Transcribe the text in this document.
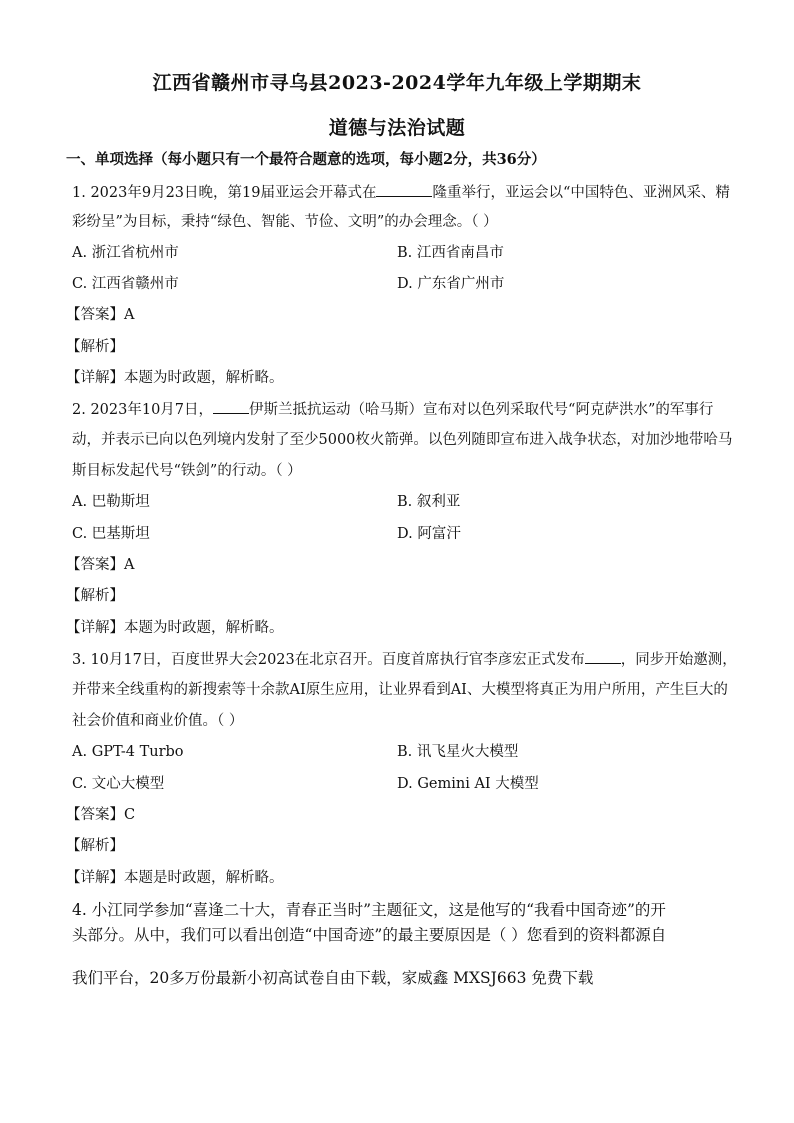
江西省赣州市寻乌县2023-2024学年九年级上学期期末
道德与法治试题
一、单项选择（每小题只有一个最符合题意的选项，每小题2分，共36分）
1. 2023年9月23日晚，第19届亚运会开幕式在	隆重举行，亚运会以“中国特色、亚洲风采、精
彩纷呈”为目标，秉持“绿色、智能、节俭、文明”的办会理念。（ ）
A. 浙江省杭州市	B. 江西省南昌市
C. 江西省赣州市	D. 广东省广州市
【答案】A
【解析】
【详解】本题为时政题，解析略。
2. 2023年10月7日， 伊斯兰抵抗运动（哈马斯）宣布对以色列采取代号“阿克萨洪水”的军事行
动，并表示已向以色列境内发射了至少5000枚火箭弹。以色列随即宣布进入战争状态，对加沙地带哈马
斯目标发起代号“铁剑”的行动。（ ）
A. 巴勒斯坦	B. 叙利亚
C. 巴基斯坦	D. 阿富汗
【答案】A
【解析】
【详解】本题为时政题，解析略。
3. 10月17日，百度世界大会2023在北京召开。百度首席执行官李彦宏正式发布 ，同步开始邀测，
并带来全线重构的新搜索等十余款AI原生应用，让业界看到AI、大模型将真正为用户所用，产生巨大的
社会价值和商业价值。（ ）
A. GPT-4 Turbo	B. 讯飞星火大模型
C. 文心大模型	D. Gemini AI 大模型
【答案】C
【解析】
【详解】本题是时政题，解析略。
4. 小江同学参加“喜逢二十大，青春正当时”主题征文，这是他写的“我看中国奇迹”的开
头部分。从中，我们可以看出创造“中国奇迹”的最主要原因是（ ）您看到的资料都源自
我们平台，20多万份最新小初高试卷自由下载，家威鑫 MXSJ663 免费下载
